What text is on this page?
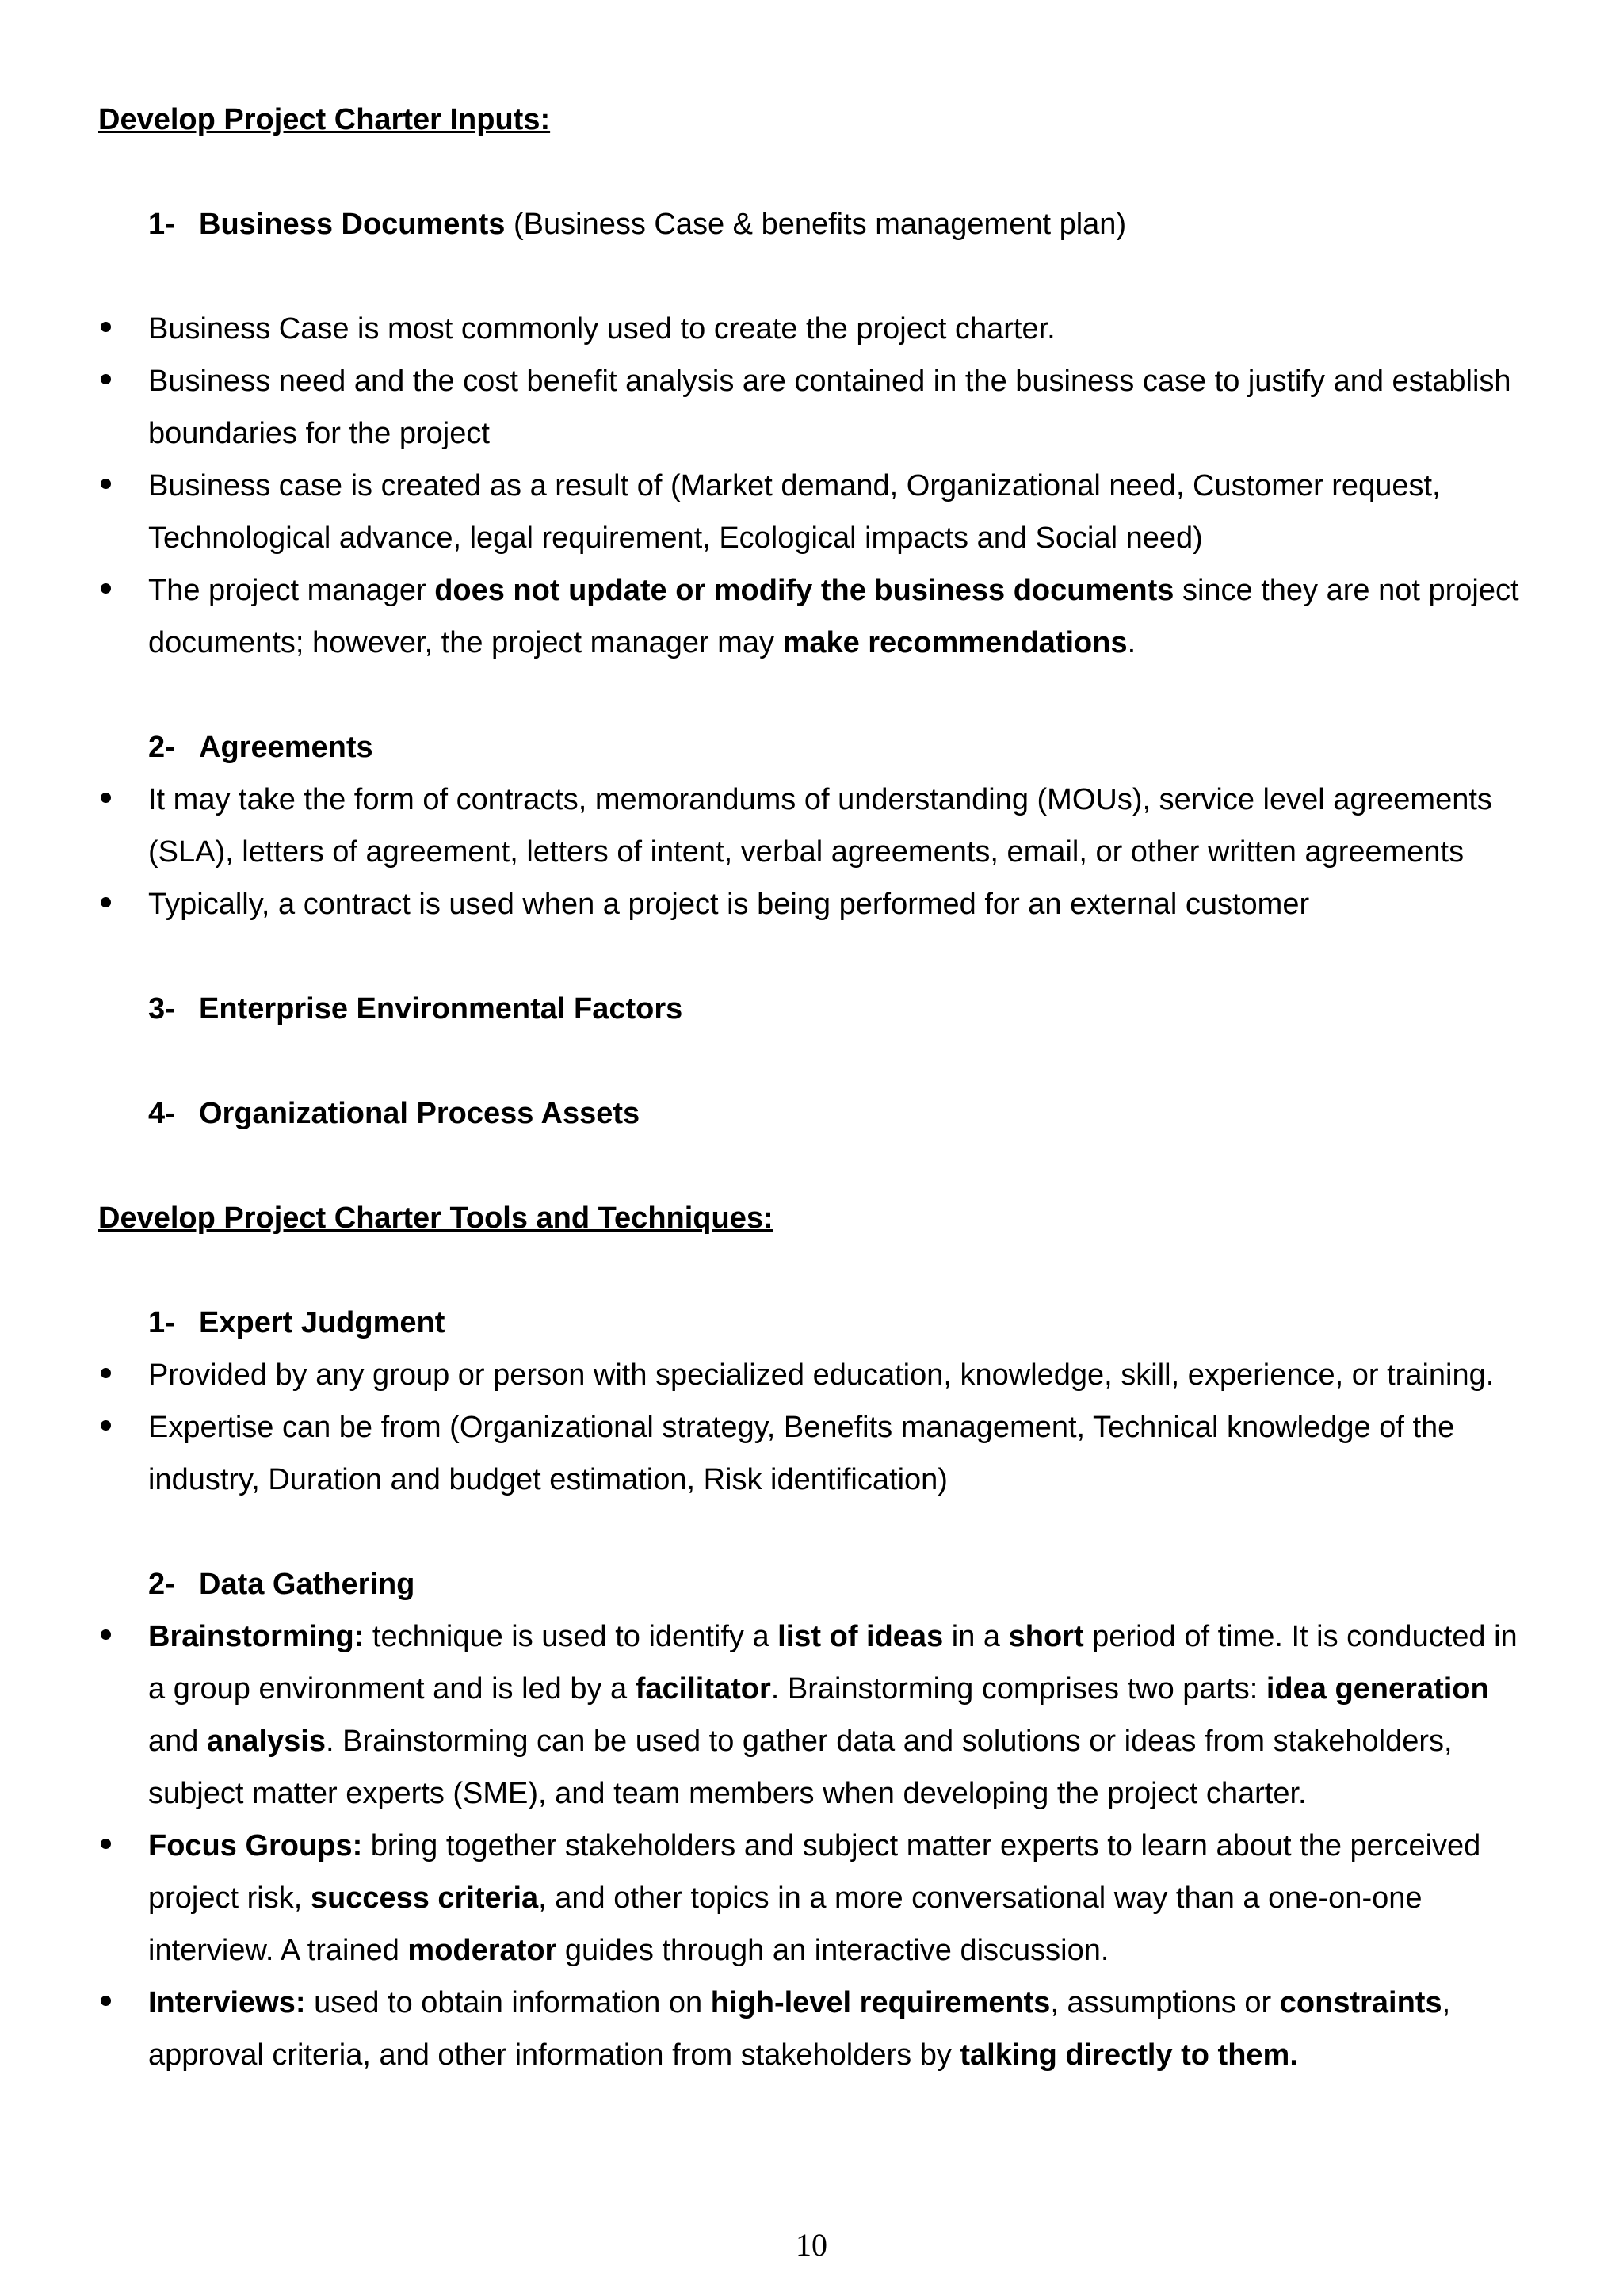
Develop Project Charter Inputs:
1- Business Documents (Business Case & benefits management plan)
Business Case is most commonly used to create the project charter.
Business need and the cost benefit analysis are contained in the business case to justify and establish boundaries for the project
Business case is created as a result of (Market demand, Organizational need, Customer request, Technological advance, legal requirement, Ecological impacts and Social need)
The project manager does not update or modify the business documents since they are not project documents; however, the project manager may make recommendations.
2- Agreements
It may take the form of contracts, memorandums of understanding (MOUs), service level agreements (SLA), letters of agreement, letters of intent, verbal agreements, email, or other written agreements
Typically, a contract is used when a project is being performed for an external customer
3- Enterprise Environmental Factors
4- Organizational Process Assets
Develop Project Charter Tools and Techniques:
1- Expert Judgment
Provided by any group or person with specialized education, knowledge, skill, experience, or training.
Expertise can be from (Organizational strategy, Benefits management, Technical knowledge of the industry, Duration and budget estimation, Risk identification)
2- Data Gathering
Brainstorming: technique is used to identify a list of ideas in a short period of time. It is conducted in a group environment and is led by a facilitator. Brainstorming comprises two parts: idea generation and analysis. Brainstorming can be used to gather data and solutions or ideas from stakeholders, subject matter experts (SME), and team members when developing the project charter.
Focus Groups: bring together stakeholders and subject matter experts to learn about the perceived project risk, success criteria, and other topics in a more conversational way than a one-on-one interview. A trained moderator guides through an interactive discussion.
Interviews: used to obtain information on high-level requirements, assumptions or constraints, approval criteria, and other information from stakeholders by talking directly to them.
10
